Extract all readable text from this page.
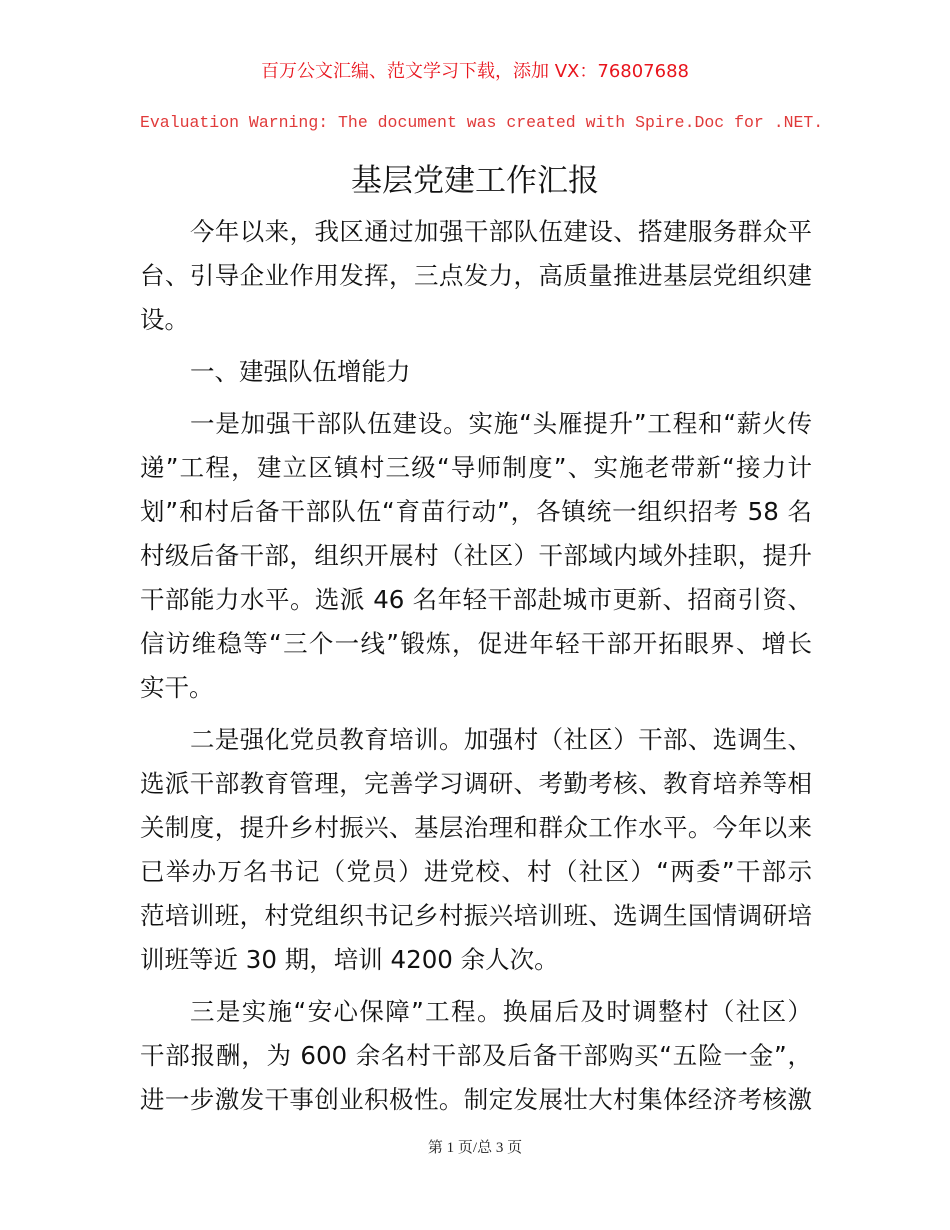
百万公文汇编、范文学习下载，添加 VX：76807688
Evaluation Warning: The document was created with Spire.Doc for .NET.
基层党建工作汇报
今年以来，我区通过加强干部队伍建设、搭建服务群众平
台、引导企业作用发挥，三点发力，高质量推进基层党组织建
设。
一、建强队伍增能力
一是加强干部队伍建设。实施“头雁提升”工程和“薪火传
递”工程，建立区镇村三级“导师制度”、实施老带新“接力计
划”和村后备干部队伍“育苗行动”，各镇统一组织招考 58 名
村级后备干部，组织开展村（社区）干部域内域外挂职，提升
干部能力水平。选派 46 名年轻干部赴城市更新、招商引资、
信访维稳等“三个一线”锻炼，促进年轻干部开拓眼界、增长
实干。
二是强化党员教育培训。加强村（社区）干部、选调生、
选派干部教育管理，完善学习调研、考勤考核、教育培养等相
关制度，提升乡村振兴、基层治理和群众工作水平。今年以来
已举办万名书记（党员）进党校、村（社区）“两委”干部示
范培训班，村党组织书记乡村振兴培训班、选调生国情调研培
训班等近 30 期，培训 4200 余人次。
三是实施“安心保障”工程。换届后及时调整村（社区）
干部报酬，为 600 余名村干部及后备干部购买“五险一金”，
进一步激发干事创业积极性。制定发展壮大村集体经济考核激
第 1 页/总 3 页
